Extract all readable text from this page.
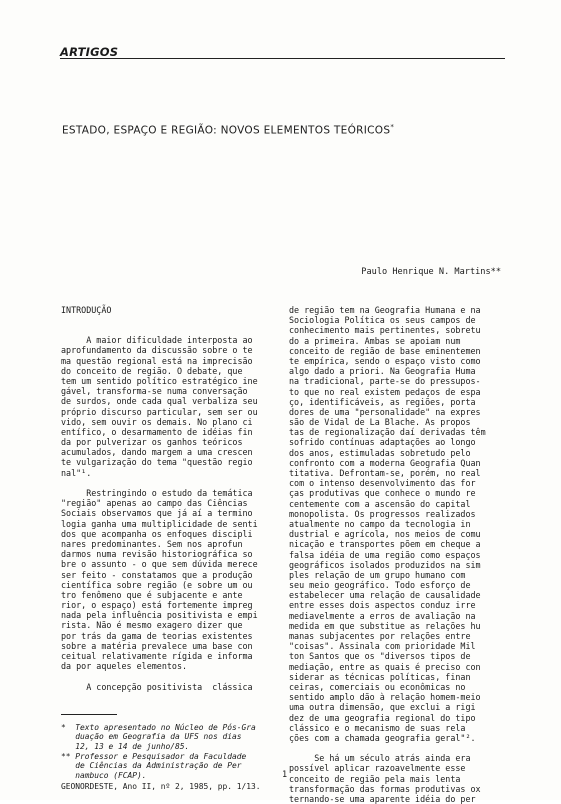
ARTIGOS
ESTADO, ESPAÇO E REGIÃO: NOVOS ELEMENTOS TEÓRICOS*
Paulo Henrique N. Martins**
INTRODUÇÃO
A maior dificuldade interposta ao
aprofundamento da discussão sobre o te
ma questão regional está na imprecisão
do conceito de região. O debate, que
tem um sentido político estratégico ine
gável, transforma-se numa conversação
de surdos, onde cada qual verbaliza seu
próprio discurso particular, sem ser ou
vido, sem ouvir os demais. No plano ci
entífico, o desarmamento de idéias fin
da por pulverizar os ganhos teóricos
acumulados, dando margem a uma crescen
te vulgarização do tema "questão regio
nal"¹.
Restringindo o estudo da temática
"região" apenas ao campo das Ciências
Sociais observamos que já aí a termino
logia ganha uma multiplicidade de senti
dos que acompanha os enfoques discipli
nares predominantes. Sem nos aprofun
darmos numa revisão historiográfica so
bre o assunto - o que sem dúvida merece
ser feito - constatamos que a produção
científica sobre região (e sobre um ou
tro fenômeno que é subjacente e ante
rior, o espaço) está fortemente impreg
nada pela influência positivista e empi
rista. Não é mesmo exagero dizer que
por trás da gama de teorias existentes
sobre a matéria prevalece uma base con
ceitual relativamente rígida e informa
da por aqueles elementos.
A concepção positivista  clássica
*  Texto apresentado no Núcleo de Pós-Gra
duação em Geografia da UFS nos dias
12, 13 e 14 de junho/85.
** Professor e Pesquisador da Faculdade
de Ciências da Administração de Per
nambuco (FCAP).
GEONORDESTE, Ano II, nº 2, 1985, pp. 1/13.
de região tem na Geografia Humana e na
Sociologia Política os seus campos de
conhecimento mais pertinentes, sobretu
do a primeira. Ambas se apoiam num
conceito de região de base eminentemen
te empírica, sendo o espaço visto como
algo dado a priori. Na Geografia Huma
na tradicional, parte-se do pressupos-
to que no real existem pedaços de espa
ço, identificáveis, as regiões, porta
dores de uma "personalidade" na expres
são de Vidal de La Blache. As propos
tas de regionalização daí derivadas têm
sofrido contínuas adaptações ao longo
dos anos, estimuladas sobretudo pelo
confronto com a moderna Geografia Quan
titativa. Defrontam-se, porém, no real
com o intenso desenvolvimento das for
ças produtivas que conhece o mundo re
centemente com a ascensão do capital
monopolista. Os progressos realizados
atualmente no campo da tecnologia in
dustrial e agrícola, nos meios de comu
nicação e transportes põem em cheque a
falsa idéia de uma região como espaços
geográficos isolados produzidos na sim
ples relação de um grupo humano com
seu meio geográfico. Todo esforço de
estabelecer uma relação de causalidade
entre esses dois aspectos conduz irre
mediavelmente a erros de avaliação na
medida em que substitue as relações hu
manas subjacentes por relações entre
"coisas". Assinala com prioridade Mil
ton Santos que os "diversos tipos de
mediação, entre as quais é preciso con
siderar as técnicas políticas, finan
ceiras, comerciais ou econômicas no
sentido amplo dão à relação homem-meio
uma outra dimensão, que exclui a rigi
dez de uma geografia regional do tipo
clássico e o mecanismo de suas rela
ções com a chamada geografia geral"².
Se há um século atrás ainda era
possível aplicar razoavelmente esse
conceito de região pela mais lenta
transformação das formas produtivas ox
ternando-se uma aparente idéia do per
1
